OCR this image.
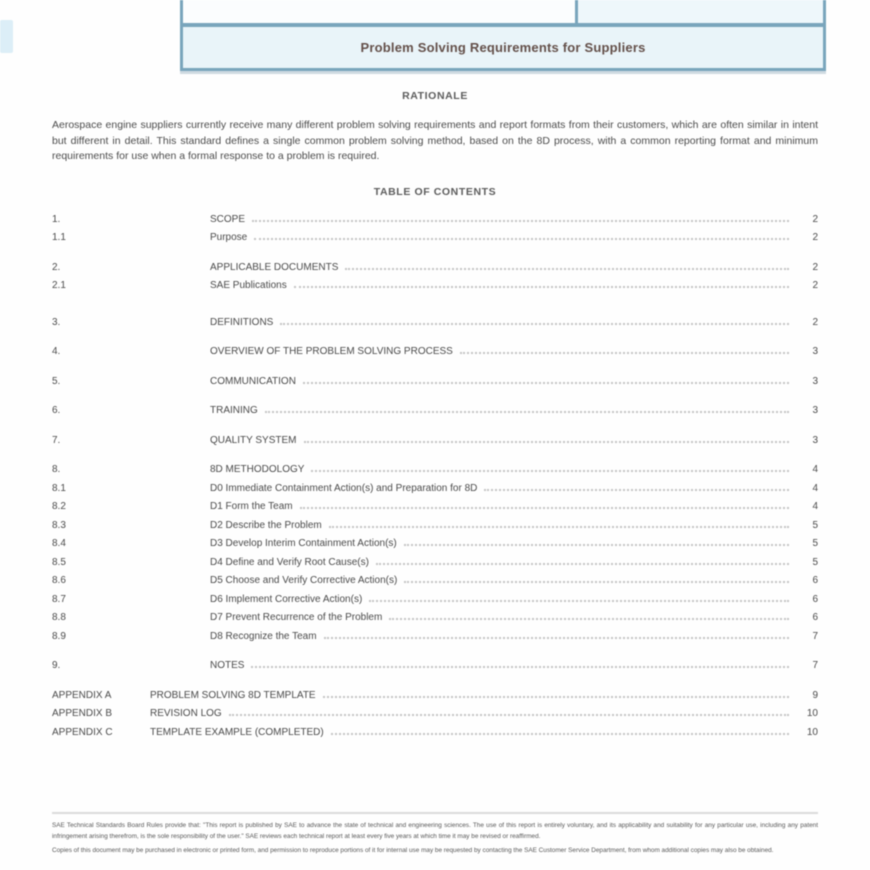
Problem Solving Requirements for Suppliers
RATIONALE

Aerospace engine suppliers currently receive many different problem solving requirements and report formats from their customers, which are often similar in intent but different in detail. This standard defines a single common problem solving method, based on the 8D process, with a common reporting format and minimum requirements for use when a formal response to a problem is required.

TABLE OF CONTENTS
1.	SCOPE	2
1.1	Purpose	2
2.	APPLICABLE DOCUMENTS	2
2.1	SAE Publications	2
3.	DEFINITIONS	2
4.	OVERVIEW OF THE PROBLEM SOLVING PROCESS	3
5.	COMMUNICATION	3
6.	TRAINING	3
7.	QUALITY SYSTEM	3
8.	8D METHODOLOGY	4
8.1	D0 Immediate Containment Action(s) and Preparation for 8D	4
8.2	D1 Form the Team	4
8.3	D2 Describe the Problem	5
8.4	D3 Develop Interim Containment Action(s)	5
8.5	D4 Define and Verify Root Cause(s)	5
8.6	D5 Choose and Verify Corrective Action(s)	6
8.7	D6 Implement Corrective Action(s)	6
8.8	D7 Prevent Recurrence of the Problem	6
8.9	D8 Recognize the Team	7
9.	NOTES	7
APPENDIX A	PROBLEM SOLVING 8D TEMPLATE	9
APPENDIX B	REVISION LOG	10
APPENDIX C	TEMPLATE EXAMPLE (COMPLETED)	10

SAE Technical Standards Board Rules provide that: "This report is published by SAE to advance the state of technical and engineering sciences. The use of this report is entirely voluntary, and its applicability and suitability for any particular use, including any patent infringement arising therefrom, is the sole responsibility of the user." SAE reviews each technical report at least every five years at which time it may be revised or reaffirmed.

Copies of this document may be purchased in electronic or printed form, and permission to reproduce portions of it for internal use may be requested by contacting the SAE Customer Service Department, from whom additional copies may also be obtained.
